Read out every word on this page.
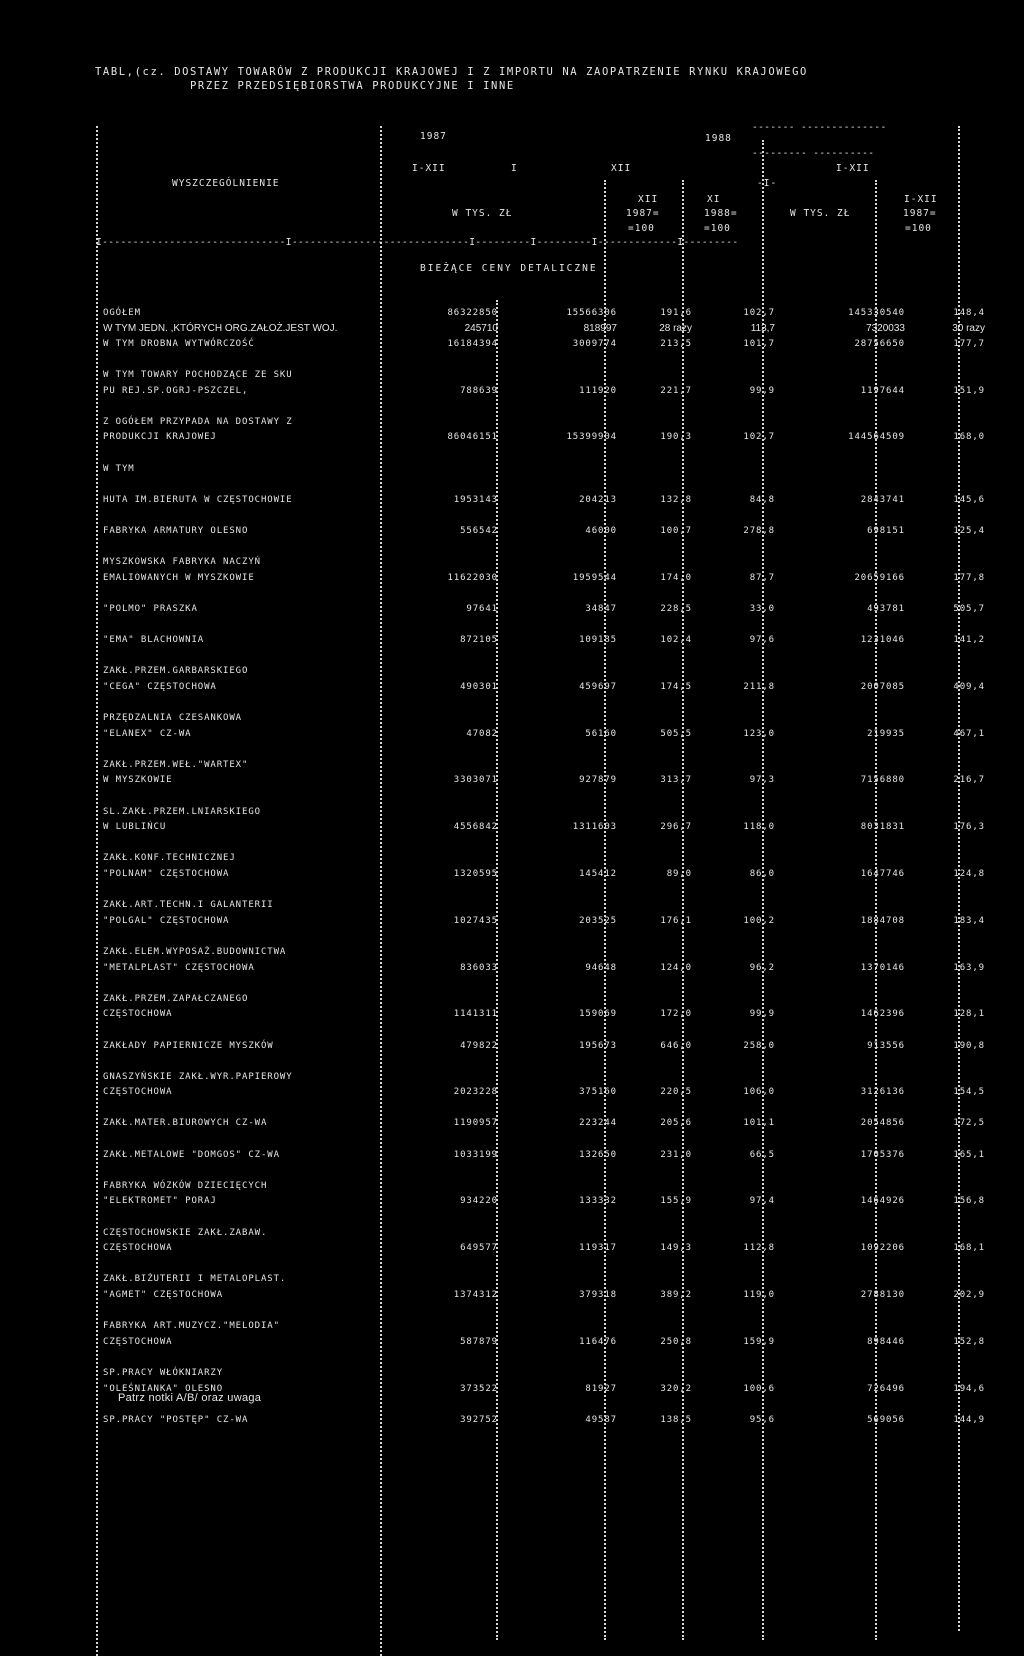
TABL,(cz. DOSTAWY TOWARÓW Z PRODUKCJI KRAJOWEJ I Z IMPORTU NA ZAOPATRZENIE RYNKU KRAJOWEGO
PRZEZ PRZEDSIĘBIORSTWA PRODUKCYJNE I INNE
WYSZCZEGÓLNIENIE
1987	1988
------- --------------
--------- ----------
I-XII	XII	I-XII
I
-I-
XII	XI	I-XII
W TYS. ZŁ	W TYS. ZŁ
1987=	1988=	1987=
=100	=100	=100
I------------------------------I-----------------------------I---------I---------I-------------I---------
BIEŻĄCE CENY DETALICZNE

OGÓŁEM	86322850	15566306	191,6	102,7	145330540	148,4
W TYM JEDN. ,KTÓRYCH ORG.ZAŁOŻ.JEST WOJ.	245710	818997	28 razy	113,7	7320033	30 razy
W TYM DROBNA WYTWÓRCZOŚĆ	16184394	3009774	213,5	101,7	28756650	177,7

W TYM TOWARY POCHODZĄCE ZE SKU						
PU REJ.SP.OGRJ-PSZCZEL,	788639	111920	221,7	99,9	1197644	151,9

Z OGÓŁEM PRZYPADA NA DOSTAWY Z						
PRODUKCJI KRAJOWEJ	86046151	15399904	190,3	102,7	144564509	168,0

W TYM						

HUTA IM.BIERUTA W CZĘSTOCHOWIE	1953143	204213	132,8	84,8	2843741	145,6

FABRYKA ARMATURY OLESNO	556542	46000	100,7	278,8	698151	125,4

MYSZKOWSKA FABRYKA NACZYŃ						
EMALIOWANYCH W MYSZKOWIE	11622030	1959544	174,0	87,7	20659166	177,8

"POLMO" PRASZKA	97641	34847	228,5	33,0	493781	505,7

"EMA" BLACHOWNIA	872105	109185	102,4	97,6	1231046	141,2

ZAKŁ.PRZEM.GARBARSKIEGO						
"CEGA" CZĘSTOCHOWA	490301	459697	174,5	211,8	2007085	409,4

PRZĘDZALNIA CZESANKOWA						
"ELANEX" CZ-WA	47082	56160	505,5	123,0	219935	467,1

ZAKŁ.PRZEM.WEŁ."WARTEX"						
W MYSZKOWIE	3303071	927879	313,7	97,3	7156880	216,7

SL.ZAKŁ.PRZEM.LNIARSKIEGO						
W LUBLIŃCU	4556842	1311603	296,7	118,0	8031831	176,3

ZAKŁ.KONF.TECHNICZNEJ						
"POLNAM" CZĘSTOCHOWA	1320595	145412	89,0	86,0	1647746	124,8

ZAKŁ.ART.TECHN.I GALANTERII						
"POLGAL" CZĘSTOCHOWA	1027435	203525	176,1	100,2	1884708	183,4

ZAKŁ.ELEM.WYPOSAŻ.BUDOWNICTWA						
"METALPLAST" CZĘSTOCHOWA	836033	94648	124,0	96,2	1370146	163,9

ZAKŁ.PRZEM.ZAPAŁCZANEGO						
CZĘSTOCHOWA	1141311	159069	172,0	99,9	1462396	128,1

ZAKŁADY PAPIERNICZE MYSZKÓW	479822	195673	646,0	258,0	913556	190,8

GNASZYŃSKIE ZAKŁ.WYR.PAPIEROWY						
CZĘSTOCHOWA	2023228	375160	220,5	106,0	3126136	154,5

ZAKŁ.MATER.BIUROWYCH CZ-WA	1190957	223244	205,6	101,1	2054856	172,5

ZAKŁ.METALOWE "DOMGOS" CZ-WA	1033199	132650	231,0	66,5	1705376	165,1

FABRYKA WÓZKÓW DZIECIĘCYCH						
"ELEKTROMET" PORAJ	934220	133332	155,9	97,4	1464926	156,8

CZĘSTOCHOWSKIE ZAKŁ.ZABAW.						
CZĘSTOCHOWA	649577	119317	149,3	112,8	1092206	168,1

ZAKŁ.BIŻUTERII I METALOPLAST.						
"AGMET" CZĘSTOCHOWA	1374312	379318	389,2	119,0	2788130	202,9

FABRYKA ART.MUZYCZ."MELODIA"						
CZĘSTOCHOWA	587879	116476	250,8	159,9	898446	152,8

SP.PRACY WŁÓKNIARZY						
"OLEŚNIANKA" OLESNO	373522	81927	320,2	100,6	726496	194,6

SP.PRACY "POSTĘP" CZ-WA	392752	49587	138,5	95,6	569056	144,9
Patrz notki A/B/ oraz uwaga
